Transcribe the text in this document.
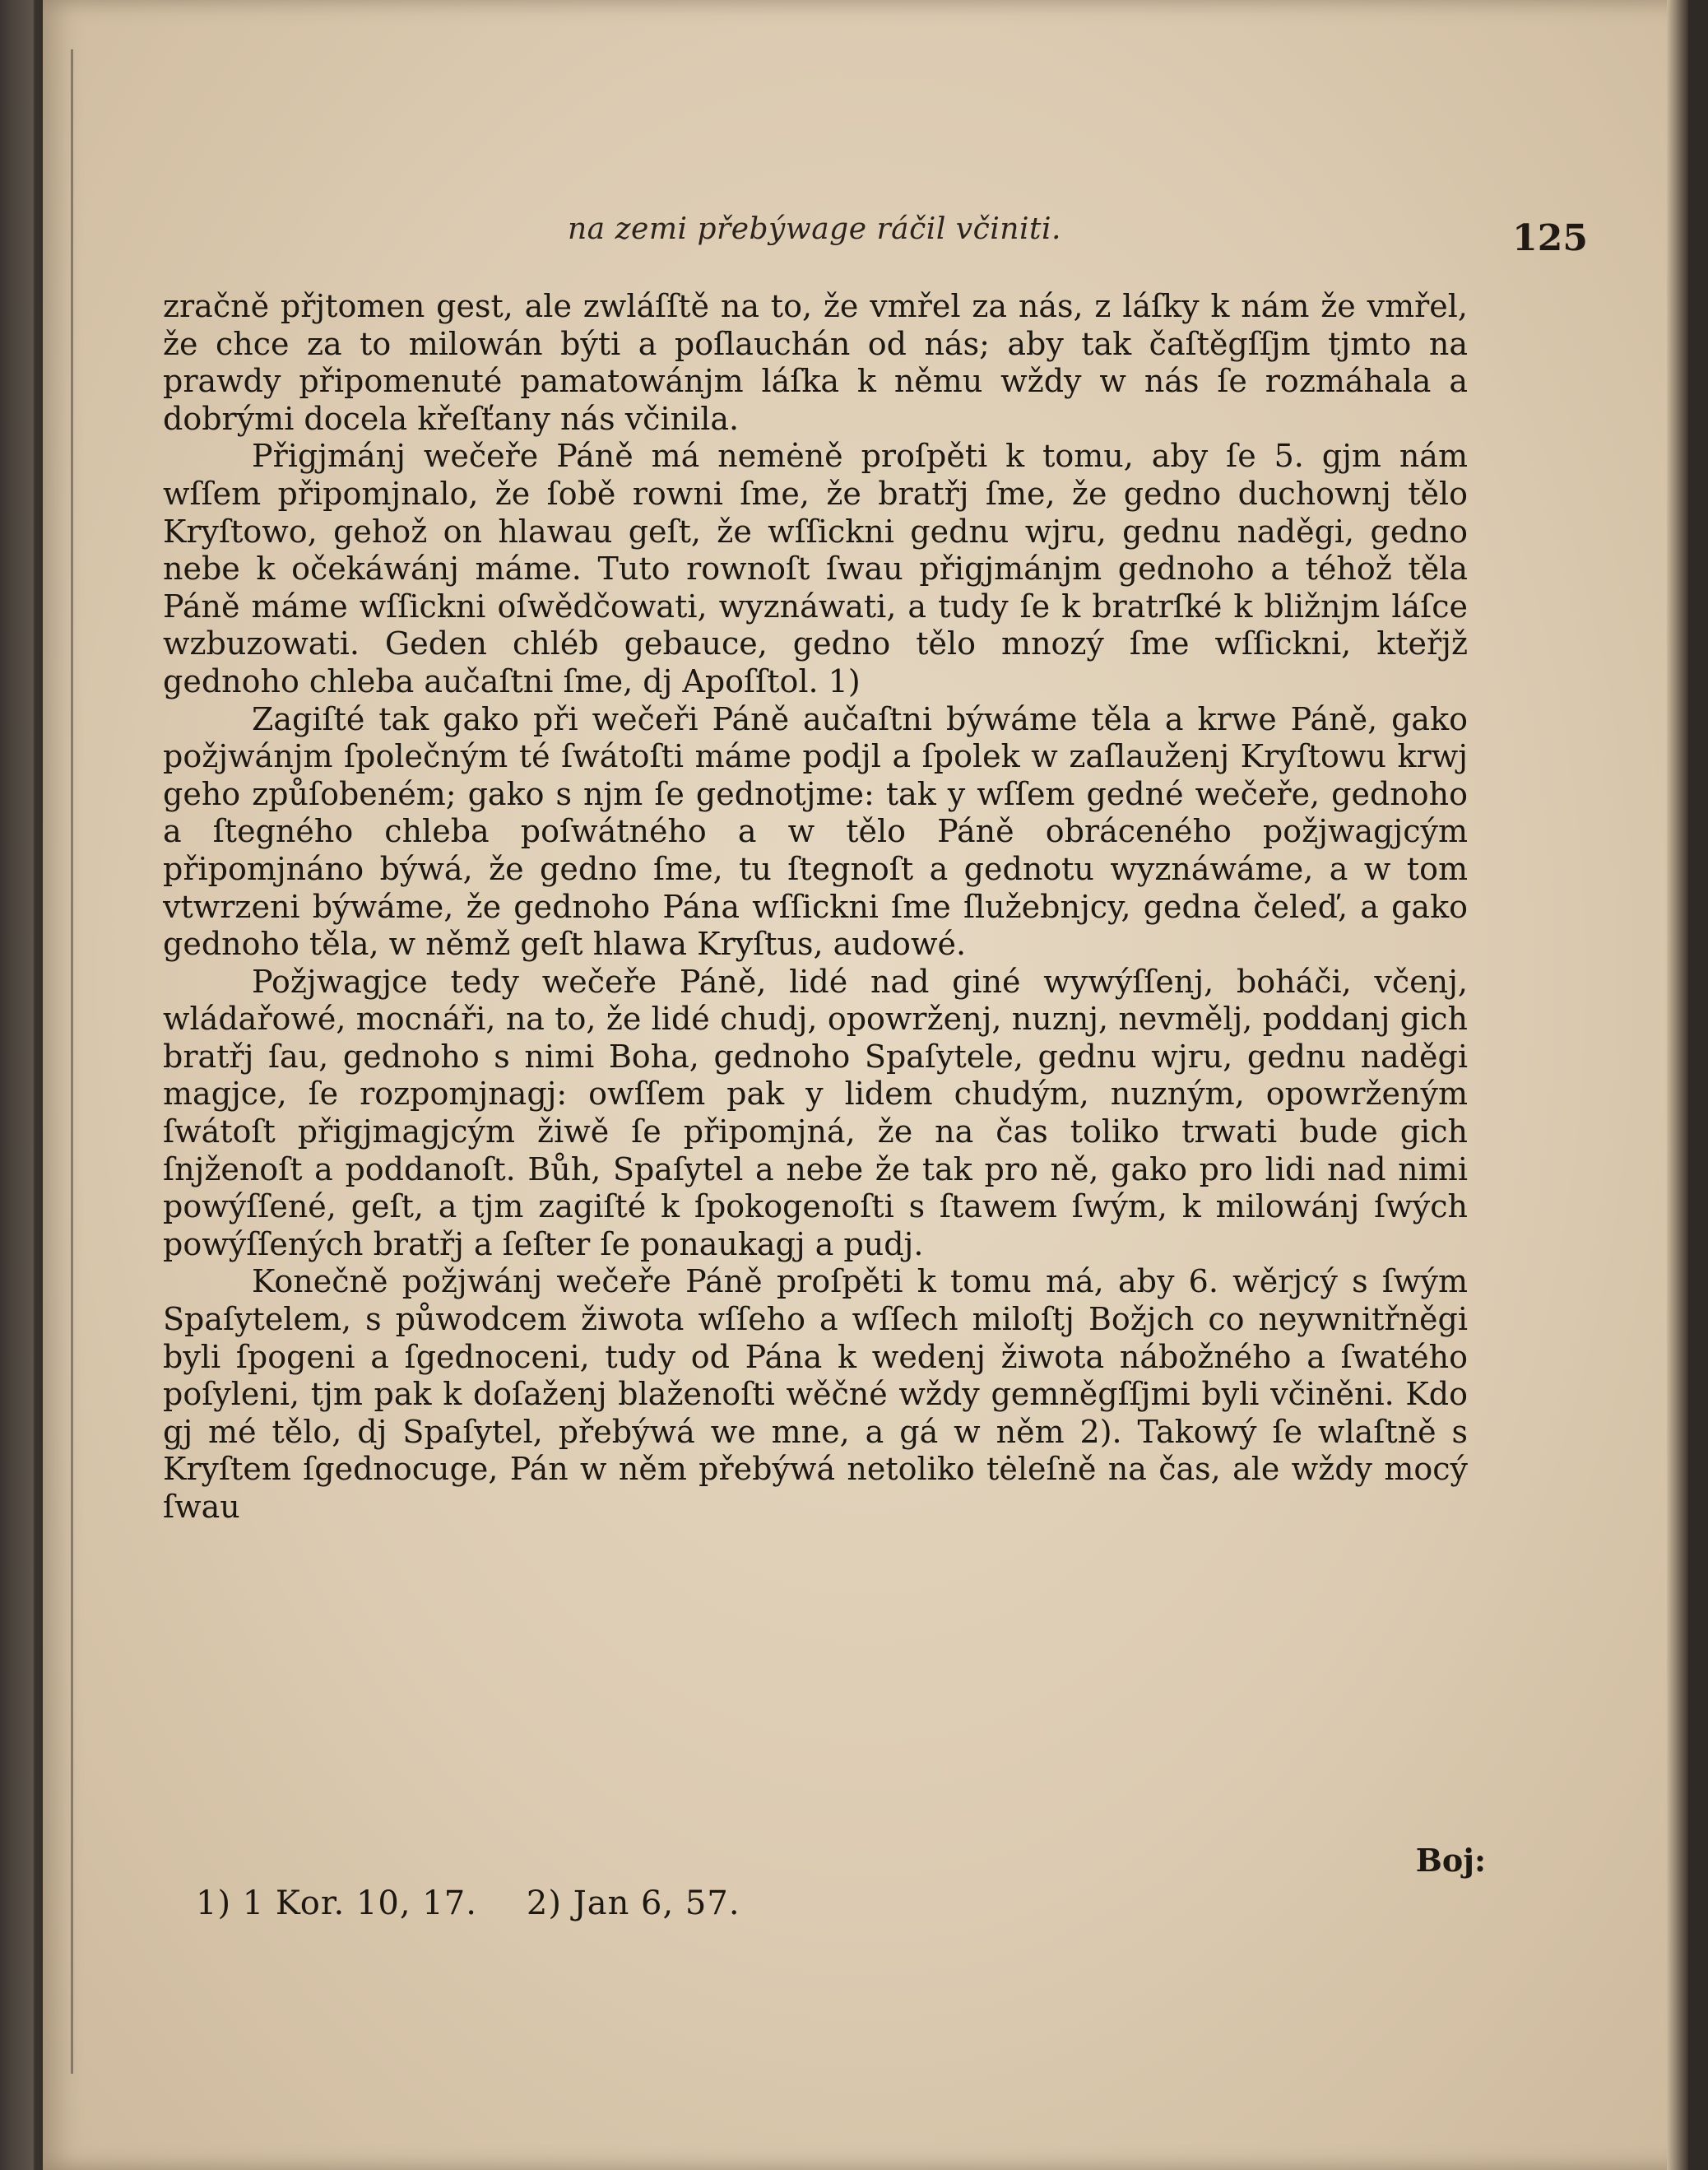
na zemi přebýwage ráčil včiniti.	125

zračně přjtomen gest, ale zwláſſtě na to, že vmřel za nás, z láſky k nám že vmřel, že chce za to milowán býti a poſlauchán od nás; aby tak čaſtěgſſjm tjmto na prawdy připomenuté pamatowánjm láſka k němu wždy w nás ſe rozmáhala a dobrými docela křeſťany nás včinila.

Přigjmánj wečeře Páně má nemėně proſpěti k tomu, aby ſe 5. gjm nám wſſem připomjnalo, že ſobě rowni ſme, že bratřj ſme, že gedno duchownj tělo Kryſtowo, gehož on hlawau geſt, že wſſickni gednu wjru, gednu naděgi, gedno nebe k očekáwánj máme. Tuto rownoſt ſwau přigjmánjm gednoho a téhož těla Páně máme wſſickni oſwědčowati, wyznáwati, a tudy ſe k bratrſké k bližnjm láſce wzbuzowati. Geden chléb gebauce, gedno tělo mnozý ſme wſſickni, kteřjž gednoho chleba aučaſtni ſme, dj Apoſſtol. 1)

Zagiſté tak gako při wečeři Páně aučaſtni býwáme těla a krwe Páně, gako požjwánjm ſpolečným té ſwátoſti máme podjl a ſpolek w zaſlauženj Kryſtowu krwj geho způſobeném; gako s njm ſe gednotjme: tak y wſſem gedné wečeře, gednoho a ſtegného chleba poſwátného a w tělo Páně obráceného požjwagjcým připomjnáno býwá, že gedno ſme, tu ſtegnoſt a gednotu wyznáwáme, a w tom vtwrzeni býwáme, že gednoho Pána wſſickni ſme ſlužebnjcy, gedna čeleď, a gako gednoho těla, w němž geſt hlawa Kryſtus, audowé.

Požjwagjce tedy wečeře Páně, lidé nad giné wywýſſenj, boháči, včenj, wládařowé, mocnáři, na to, že lidé chudj, opowrženj, nuznj, nevmělj, poddanj gich bratřj ſau, gednoho s nimi Boha, gednoho Spaſytele, gednu wjru, gednu naděgi magjce, ſe rozpomjnagj: owſſem pak y lidem chudým, nuzným, opowrženým ſwátoſt přigjmagjcým žiwě ſe připomjná, že na čas toliko trwati bude gich ſnjženoſt a poddanoſt. Bůh, Spaſytel a nebe že tak pro ně, gako pro lidi nad nimi powýſſené, geſt, a tjm zagiſté k ſpokogenoſti s ſtawem ſwým, k milowánj ſwých powýſſených bratřj a ſeſter ſe ponaukagj a pudj.

Konečně požjwánj wečeře Páně proſpěti k tomu má, aby 6. wěrjcý s ſwým Spaſytelem, s půwodcem žiwota wſſeho a wſſech miloſtj Božjch co neywnitřněgi byli ſpogeni a ſgednoceni, tudy od Pána k wedenj žiwota nábožného a ſwatého poſyleni, tjm pak k doſaženj blaženoſti wěčné wždy gemněgſſjmi byli včiněni. Kdo gj mé tělo, dj Spaſytel, přebýwá we mne, a gá w něm 2). Takowý ſe wlaſtně s Kryſtem ſgednocuge, Pán w něm přebýwá netoliko tėleſně na čas, ale wždy mocý ſwau

Boj:
1) 1 Kor. 10, 17. 2) Jan 6, 57.
